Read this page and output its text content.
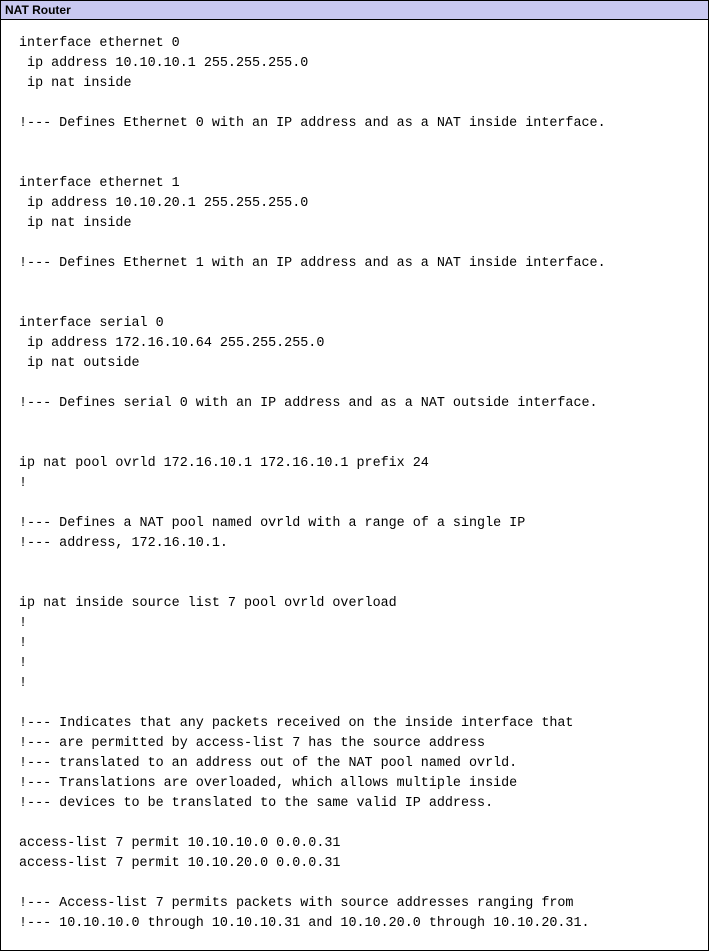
NAT Router
interface ethernet 0
ip address 10.10.10.1 255.255.255.0
ip nat inside
!--- Defines Ethernet 0 with an IP address and as a NAT inside interface.
interface ethernet 1
ip address 10.10.20.1 255.255.255.0
ip nat inside
!--- Defines Ethernet 1 with an IP address and as a NAT inside interface.
interface serial 0
ip address 172.16.10.64 255.255.255.0
ip nat outside
!--- Defines serial 0 with an IP address and as a NAT outside interface.
ip nat pool ovrld 172.16.10.1 172.16.10.1 prefix 24
!
!--- Defines a NAT pool named ovrld with a range of a single IP
!--- address, 172.16.10.1.
ip nat inside source list 7 pool ovrld overload
!
!
!
!
!--- Indicates that any packets received on the inside interface that
!--- are permitted by access-list 7 has the source address
!--- translated to an address out of the NAT pool named ovrld.
!--- Translations are overloaded, which allows multiple inside
!--- devices to be translated to the same valid IP address.
access-list 7 permit 10.10.10.0 0.0.0.31
access-list 7 permit 10.10.20.0 0.0.0.31
!--- Access-list 7 permits packets with source addresses ranging from
!--- 10.10.10.0 through 10.10.10.31 and 10.10.20.0 through 10.10.20.31.
